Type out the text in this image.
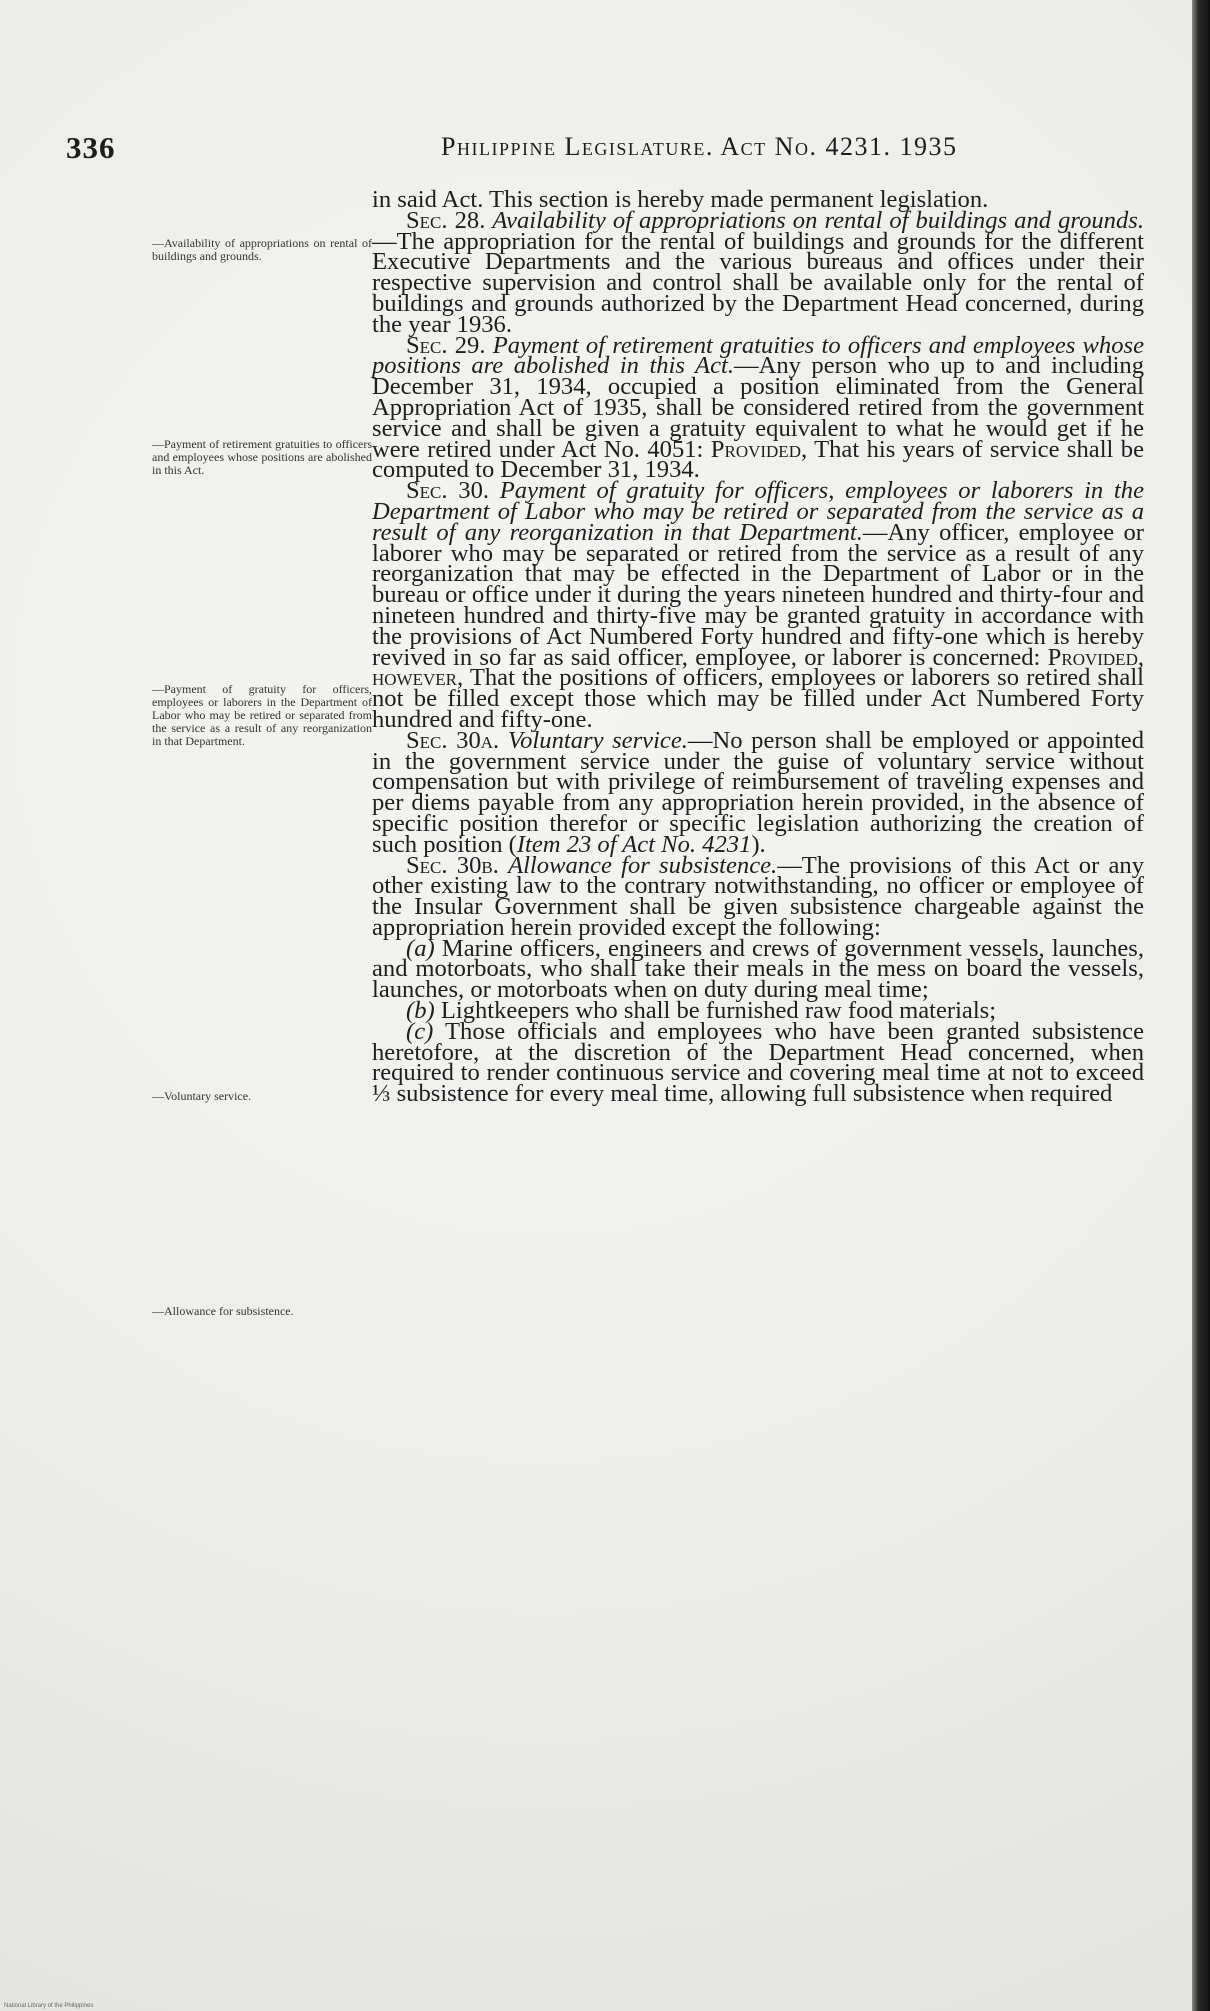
336	Philippine Legislature. Act No. 4231. 1935
—Availability of appropriations on rental of buildings and grounds.
—Payment of retirement gratuities to officers and employees whose positions are abolished in this Act.
—Payment of gratuity for officers, employees or laborers in the Department of Labor who may be retired or separated from the service as a result of any reorganization in that Department.
—Voluntary service.
—Allowance for subsistence.

in said Act. This section is hereby made permanent legislation.

Sec. 28. Availability of appropriations on rental of buildings and grounds.—The appropriation for the rental of buildings and grounds for the different Executive Departments and the various bureaus and offices under their respective supervision and control shall be available only for the rental of buildings and grounds authorized by the Department Head concerned, during the year 1936.

Sec. 29. Payment of retirement gratuities to officers and employees whose positions are abolished in this Act.—Any person who up to and including December 31, 1934, occupied a position eliminated from the General Appropriation Act of 1935, shall be considered retired from the government service and shall be given a gratuity equivalent to what he would get if he were retired under Act No. 4051: Provided, That his years of service shall be computed to December 31, 1934.

Sec. 30. Payment of gratuity for officers, employees or laborers in the Department of Labor who may be retired or separated from the service as a result of any reorganization in that Department.—Any officer, employee or laborer who may be separated or retired from the service as a result of any reorganization that may be effected in the Department of Labor or in the bureau or office under it during the years nineteen hundred and thirty-four and nineteen hundred and thirty-five may be granted gratuity in accordance with the provisions of Act Numbered Forty hundred and fifty-one which is hereby revived in so far as said officer, employee, or laborer is concerned: Provided, however, That the positions of officers, employees or laborers so retired shall not be filled except those which may be filled under Act Numbered Forty hundred and fifty-one.

Sec. 30a. Voluntary service.—No person shall be employed or appointed in the government service under the guise of voluntary service without compensation but with privilege of reimbursement of traveling expenses and per diems payable from any appropriation herein provided, in the absence of specific position therefor or specific legislation authorizing the creation of such position (Item 23 of Act No. 4231).

Sec. 30b. Allowance for subsistence.—The provisions of this Act or any other existing law to the contrary notwithstanding, no officer or employee of the Insular Government shall be given subsistence chargeable against the appropriation herein provided except the following:

(a) Marine officers, engineers and crews of government vessels, launches, and motorboats, who shall take their meals in the mess on board the vessels, launches, or motorboats when on duty during meal time;

(b) Lightkeepers who shall be furnished raw food materials;

(c) Those officials and employees who have been granted subsistence heretofore, at the discretion of the Department Head concerned, when required to render continuous service and covering meal time at not to exceed ⅓ subsistence for every meal time, allowing full subsistence when required

National Library of the Philippines
